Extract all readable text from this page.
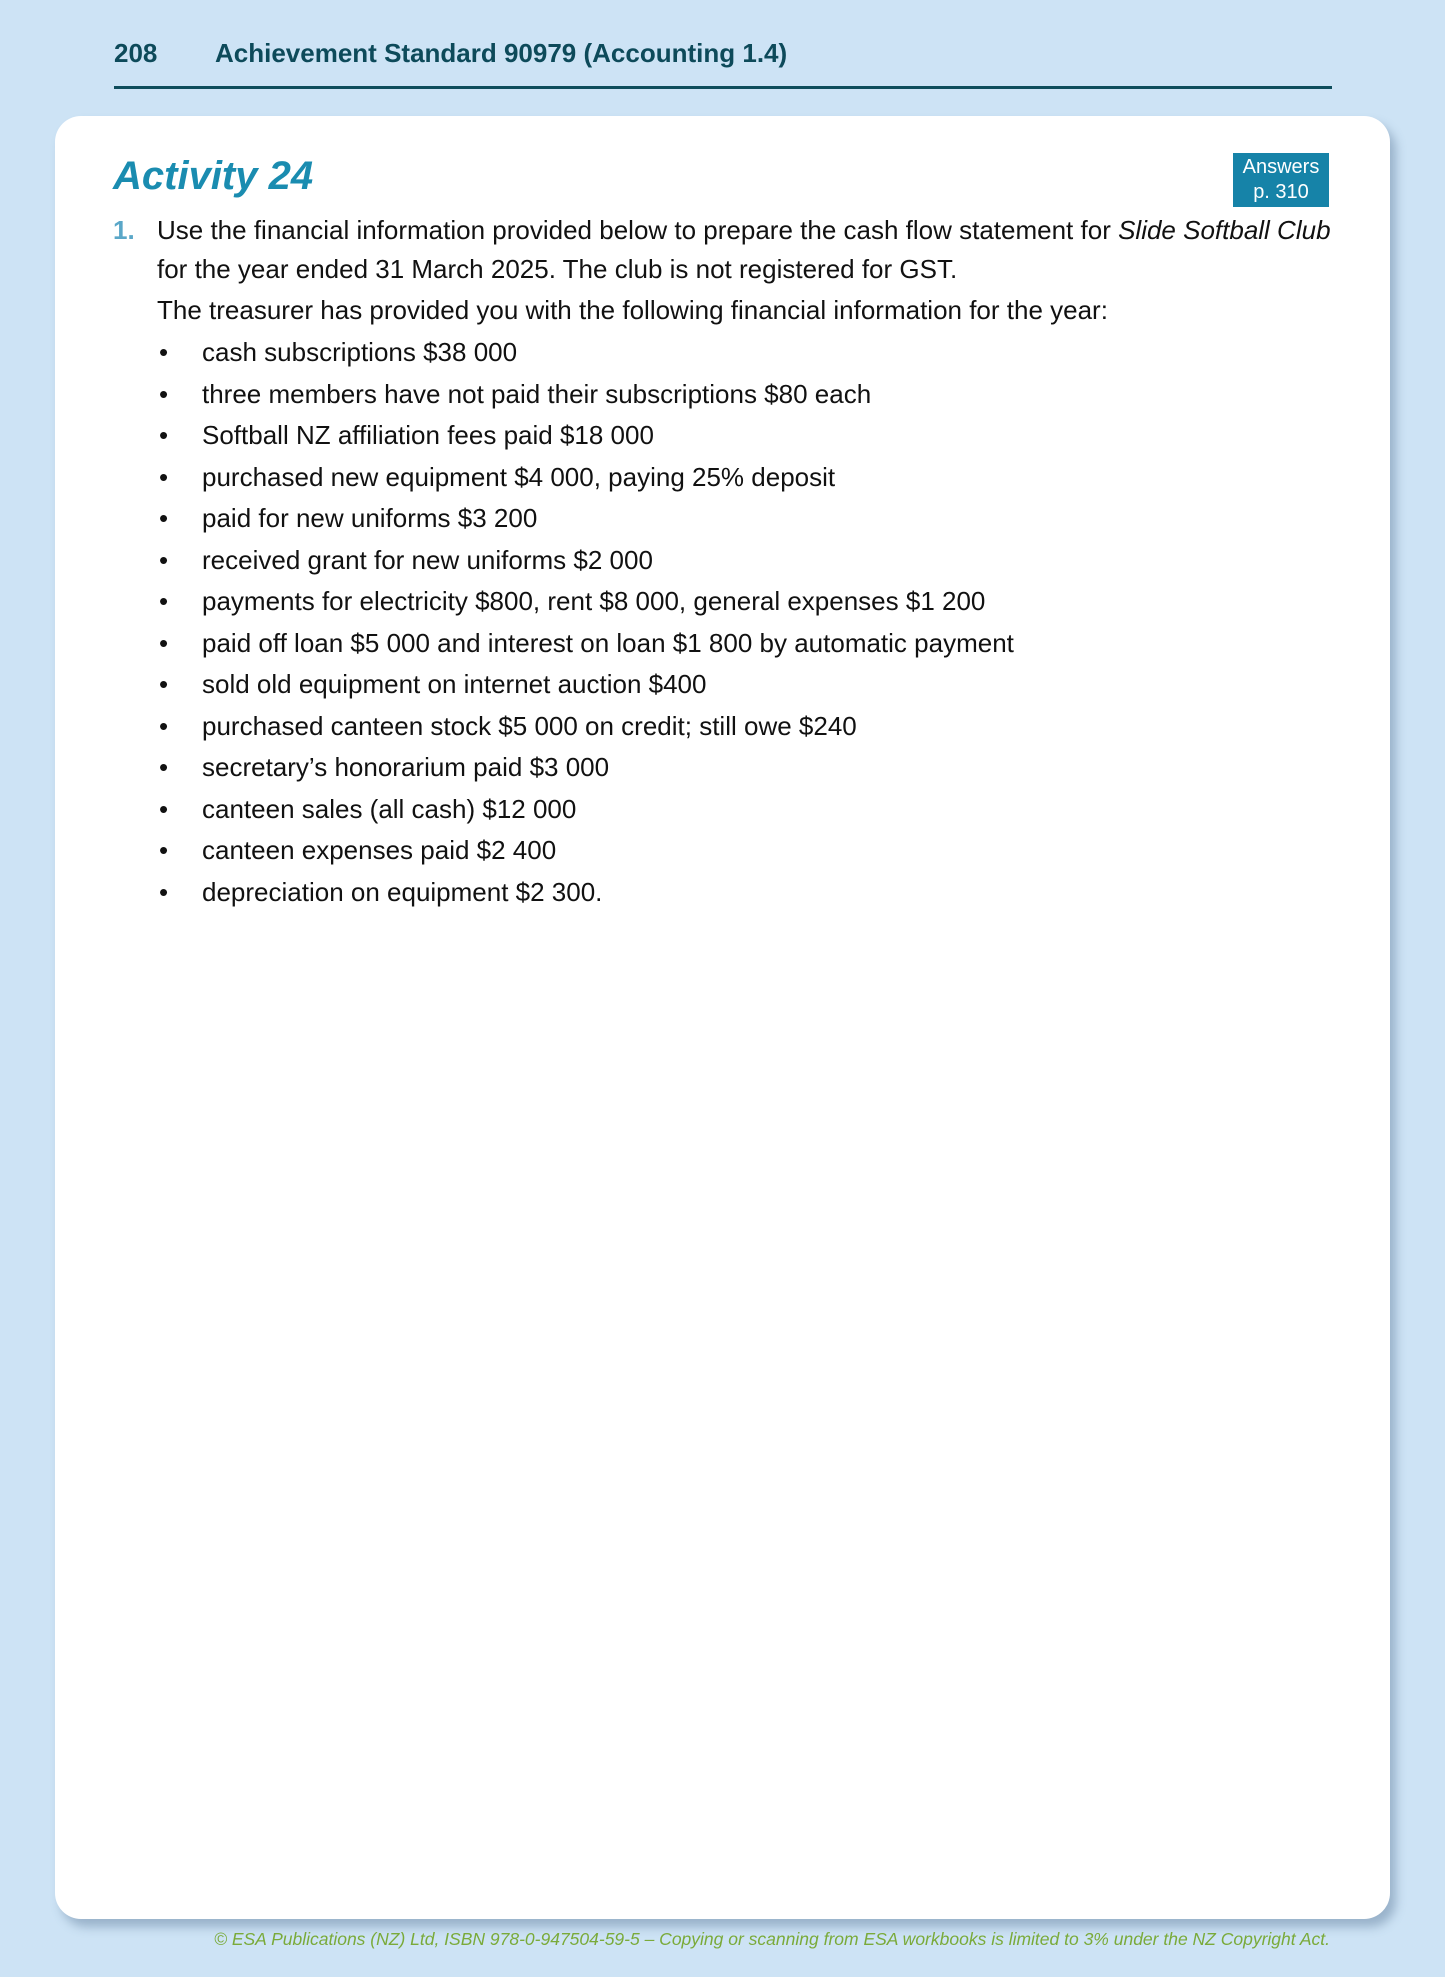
208 Achievement Standard 90979 (Accounting 1.4)
Activity 24	Answers
p. 310
1. Use the financial information provided below to prepare the cash flow statement for Slide Softball Club for the year ended 31 March 2025. The club is not registered for GST.

The treasurer has provided you with the following financial information for the year:

• cash subscriptions $38 000
• three members have not paid their subscriptions $80 each
• Softball NZ affiliation fees paid $18 000
• purchased new equipment $4 000, paying 25% deposit
• paid for new uniforms $3 200
• received grant for new uniforms $2 000
• payments for electricity $800, rent $8 000, general expenses $1 200
• paid off loan $5 000 and interest on loan $1 800 by automatic payment
• sold old equipment on internet auction $400
• purchased canteen stock $5 000 on credit; still owe $240
• secretary’s honorarium paid $3 000
• canteen sales (all cash) $12 000
• canteen expenses paid $2 400
• depreciation on equipment $2 300.
© ESA Publications (NZ) Ltd, ISBN 978-0-947504-59-5 – Copying or scanning from ESA workbooks is limited to 3% under the NZ Copyright Act.
